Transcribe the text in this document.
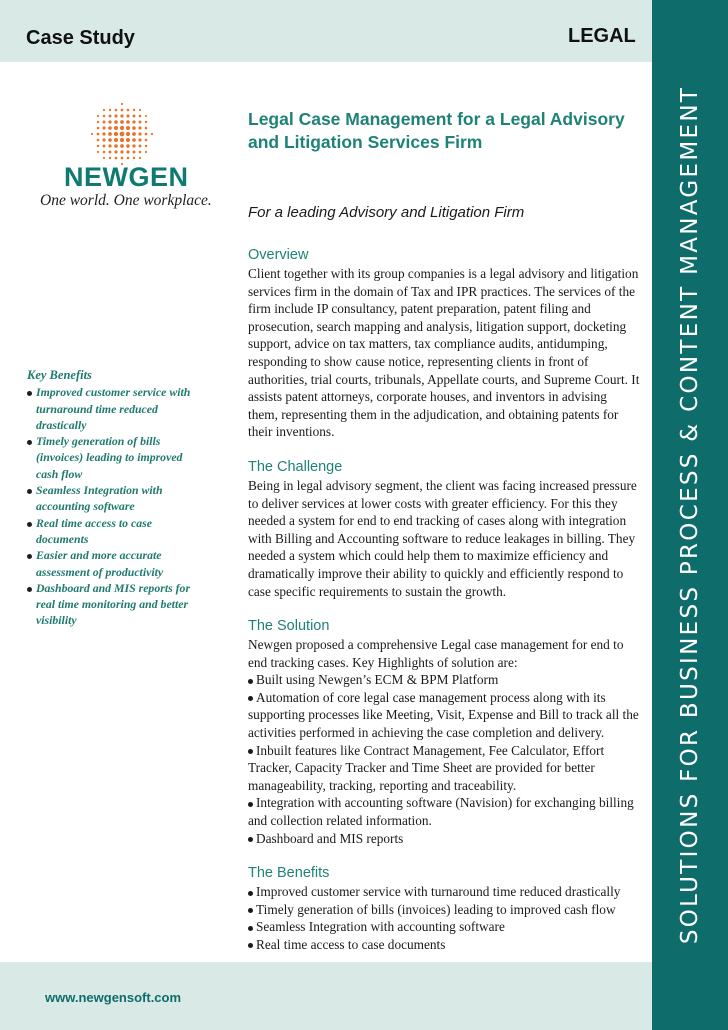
SOLUTIONS FOR BUSINESS PROCESS & CONTENT MANAGEMENT
Case Study	LEGAL
NEWGEN
One world. One workplace.
Key Benefits
Improved customer service with turnaround time reduced drastically
Timely generation of bills (invoices) leading to improved cash flow
Seamless Integration with accounting software
Real time access to case documents
Easier and more accurate assessment of productivity
Dashboard and MIS reports for real time monitoring and better visibility
www.newgensoft.com
Legal Case Management for a Legal Advisory and Litigation Services Firm
For a leading Advisory and Litigation Firm
Overview

Client together with its group companies is a legal advisory and litigation services firm in the domain of Tax and IPR practices. The services of the firm include IP consultancy, patent preparation, patent filing and prosecution, search mapping and analysis, litigation support, docketing support, advice on tax matters, tax compliance audits, antidumping, responding to show cause notice, representing clients in front of authorities, trial courts, tribunals, Appellate courts, and Supreme Court. It assists patent attorneys, corporate houses, and inventors in advising them, representing them in the adjudication, and obtaining patents for their inventions.

The Challenge

Being in legal advisory segment, the client was facing increased pressure to deliver services at lower costs with greater efficiency. For this they needed a system for end to end tracking of cases along with integration with Billing and Accounting software to reduce leakages in billing. They needed a system which could help them to maximize efficiency and dramatically improve their ability to quickly and efficiently respond to case specific requirements to sustain the growth.

The Solution

Newgen proposed a comprehensive Legal case management for end to end tracking cases. Key Highlights of solution are:

Built using Newgen’s ECM & BPM Platform
Automation of core legal case management process along with its supporting processes like Meeting, Visit, Expense and Bill to track all the activities performed in achieving the case completion and delivery.
Inbuilt features like Contract Management, Fee Calculator, Effort Tracker, Capacity Tracker and Time Sheet are provided for better manageability, tracking, reporting and traceability.
Integration with accounting software (Navision) for exchanging billing and collection related information.
Dashboard and MIS reports
The Benefits
Improved customer service with turnaround time reduced drastically
Timely generation of bills (invoices) leading to improved cash flow
Seamless Integration with accounting software
Real time access to case documents
